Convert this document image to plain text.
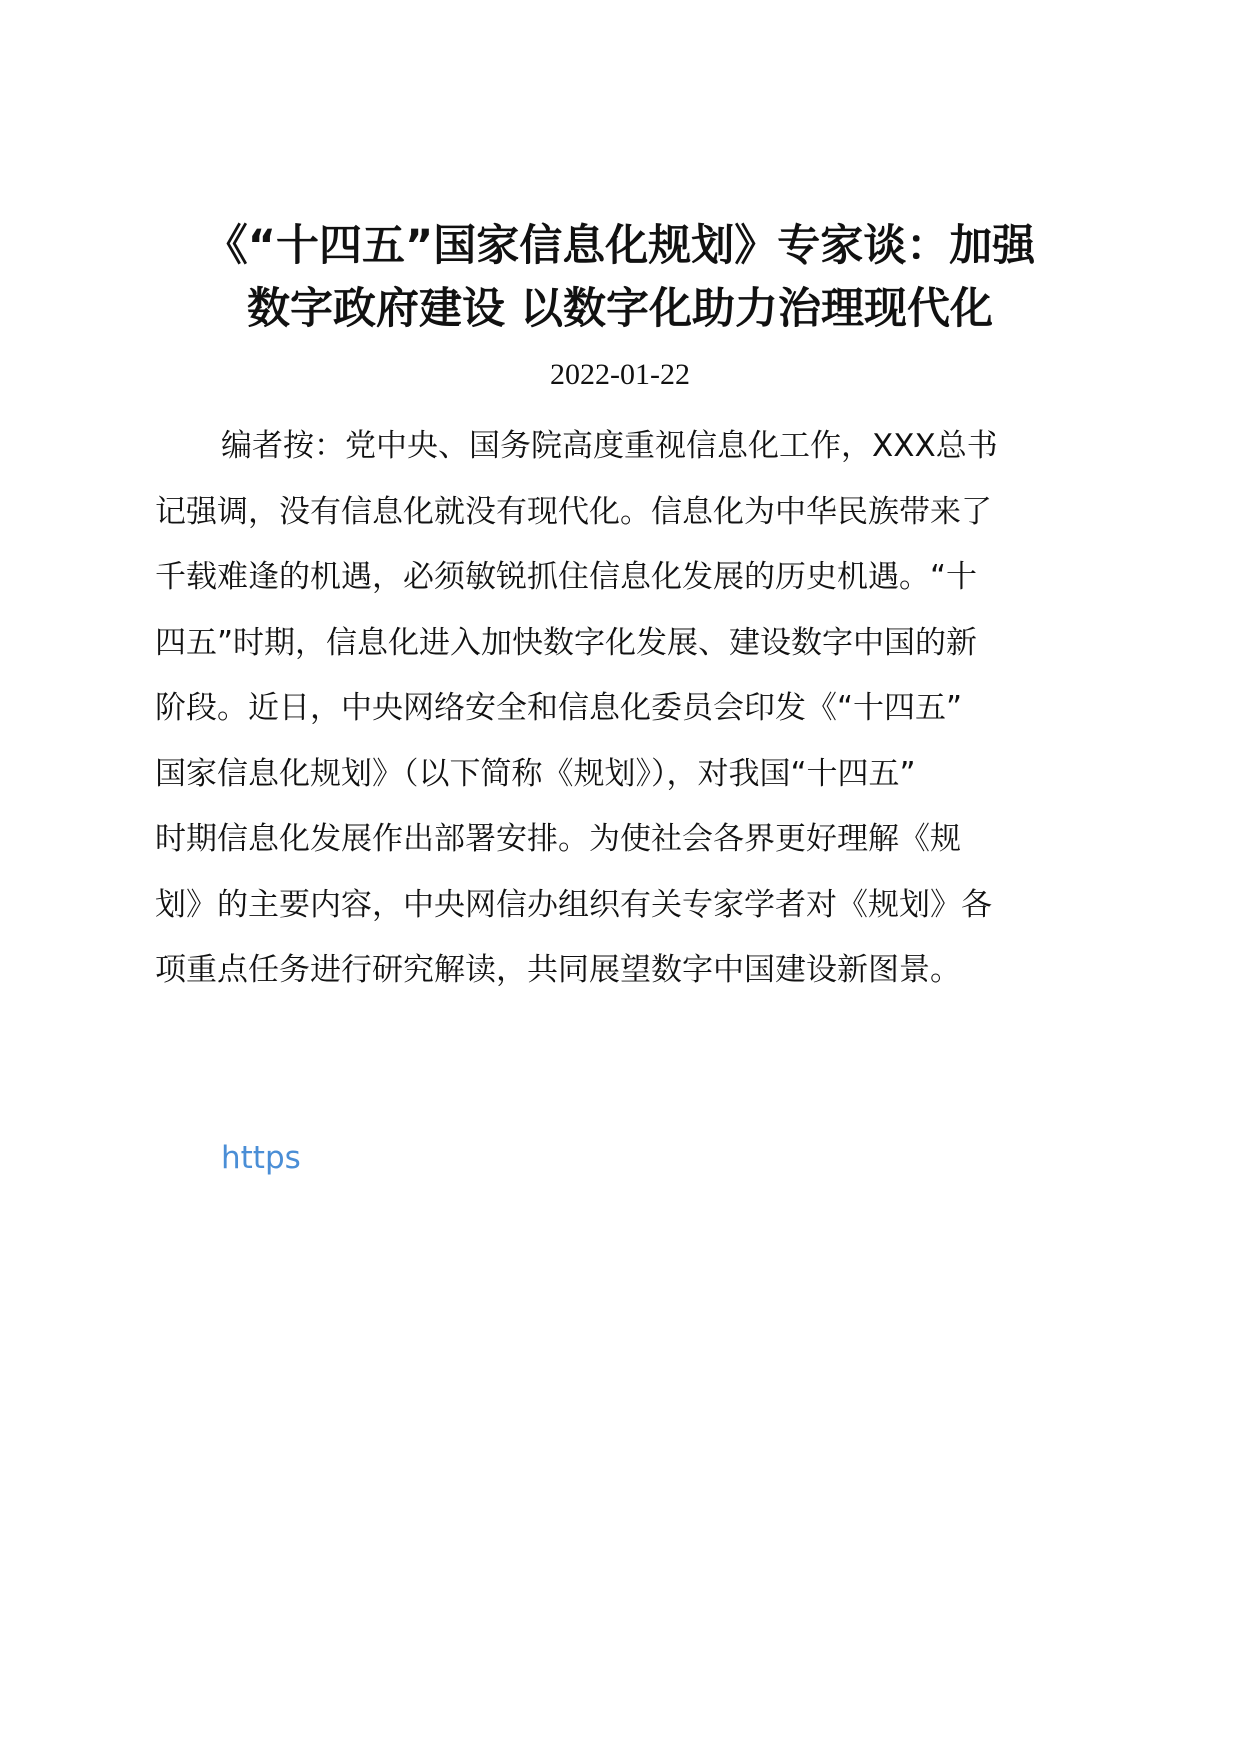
《“十四五”国家信息化规划》专家谈：加强
数字政府建设 以数字化助力治理现代化
2022-01-22

编者按：党中央、国务院高度重视信息化工作，XXX总书
记强调，没有信息化就没有现代化。信息化为中华民族带来了
千载难逢的机遇，必须敏锐抓住信息化发展的历史机遇。“十
四五”时期，信息化进入加快数字化发展、建设数字中国的新
阶段。近日，中央网络安全和信息化委员会印发《“十四五”
国家信息化规划》（以下简称《规划》），对我国“十四五”
时期信息化发展作出部署安排。为使社会各界更好理解《规
划》的主要内容，中央网信办组织有关专家学者对《规划》各
项重点任务进行研究解读，共同展望数字中国建设新图景。

https
